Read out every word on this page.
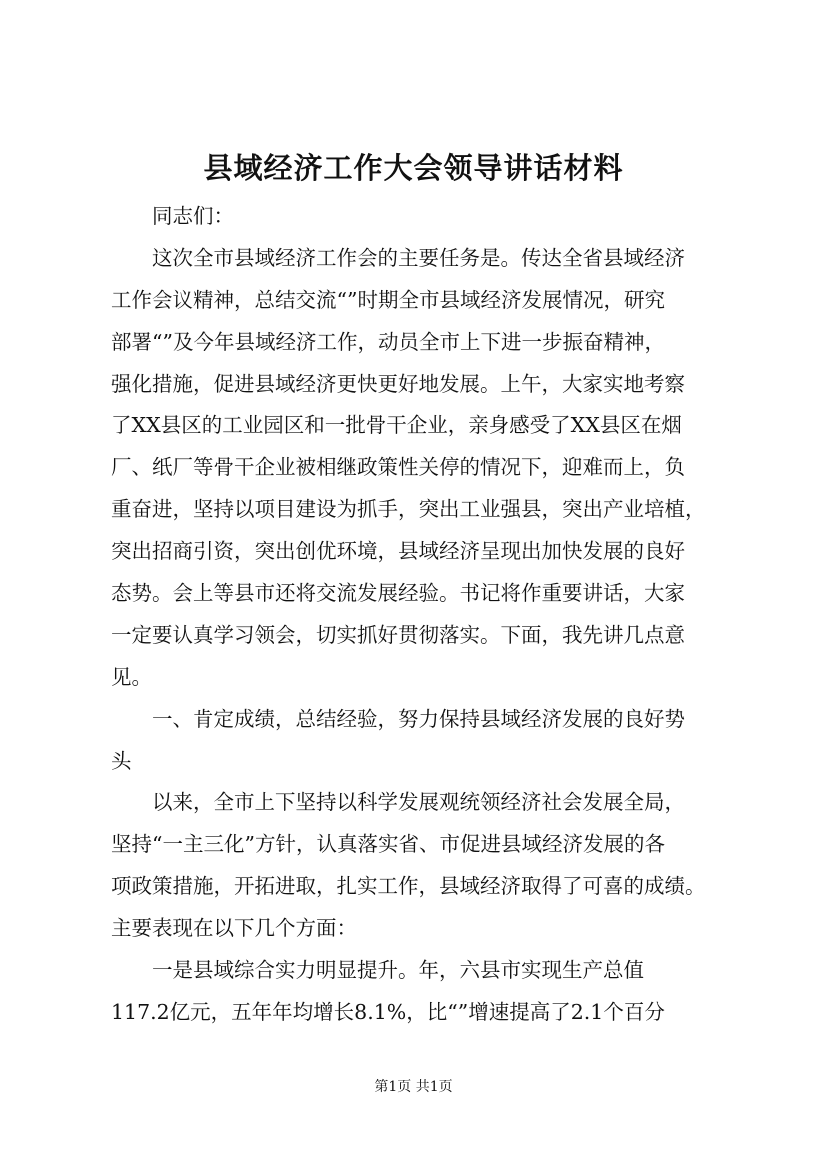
县域经济工作大会领导讲话材料
同志们：
这次全市县域经济工作会的主要任务是。传达全省县域经济
工作会议精神，总结交流“”时期全市县域经济发展情况，研究
部署“”及今年县域经济工作，动员全市上下进一步振奋精神，
强化措施，促进县域经济更快更好地发展。上午，大家实地考察
了XX县区的工业园区和一批骨干企业，亲身感受了XX县区在烟
厂、纸厂等骨干企业被相继政策性关停的情况下，迎难而上，负
重奋进，坚持以项目建设为抓手，突出工业强县，突出产业培植，
突出招商引资，突出创优环境，县域经济呈现出加快发展的良好
态势。会上等县市还将交流发展经验。书记将作重要讲话，大家
一定要认真学习领会，切实抓好贯彻落实。下面，我先讲几点意
见。
一、肯定成绩，总结经验，努力保持县域经济发展的良好势
头
以来，全市上下坚持以科学发展观统领经济社会发展全局，
坚持“一主三化”方针，认真落实省、市促进县域经济发展的各
项政策措施，开拓进取，扎实工作，县域经济取得了可喜的成绩。
主要表现在以下几个方面：
一是县域综合实力明显提升。年，六县市实现生产总值
117.2亿元，五年年均增长8.1%，比“”增速提高了2.1个百分
第1页 共1页
